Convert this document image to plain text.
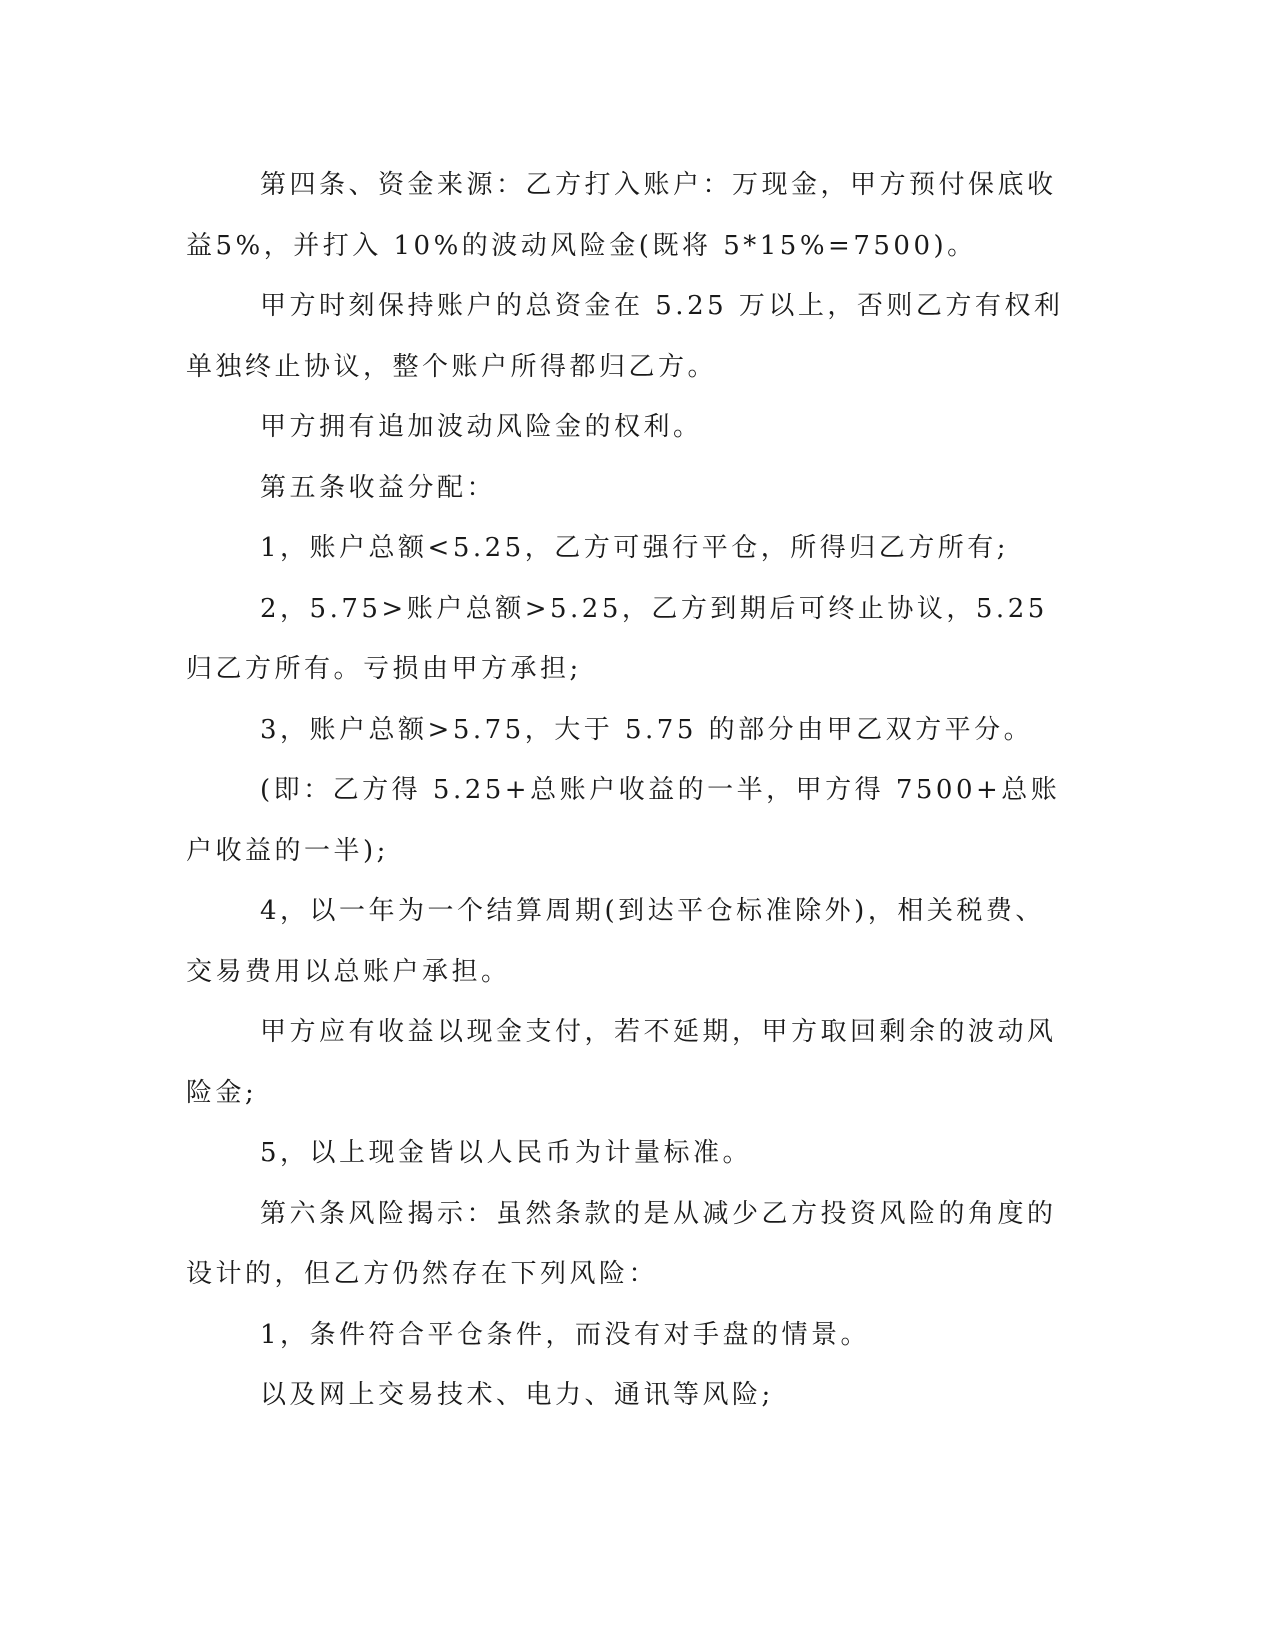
第四条、资金来源：乙方打入账户：万现金，甲方预付保底收益5%，并打入 10%的波动风险金(既将 5*15%=7500)。

甲方时刻保持账户的总资金在 5.25 万以上，否则乙方有权利单独终止协议，整个账户所得都归乙方。

甲方拥有追加波动风险金的权利。

第五条收益分配：

1，账户总额<5.25，乙方可强行平仓，所得归乙方所有;

2，5.75>账户总额>5.25，乙方到期后可终止协议，5.25 归乙方所有。亏损由甲方承担;

3，账户总额>5.75，大于 5.75 的部分由甲乙双方平分。

(即：乙方得 5.25+总账户收益的一半，甲方得 7500+总账户收益的一半);

4，以一年为一个结算周期(到达平仓标准除外)，相关税费、交易费用以总账户承担。

甲方应有收益以现金支付，若不延期，甲方取回剩余的波动风险金;

5，以上现金皆以人民币为计量标准。

第六条风险揭示：虽然条款的是从减少乙方投资风险的角度的设计的，但乙方仍然存在下列风险：

1，条件符合平仓条件，而没有对手盘的情景。

以及网上交易技术、电力、通讯等风险;
